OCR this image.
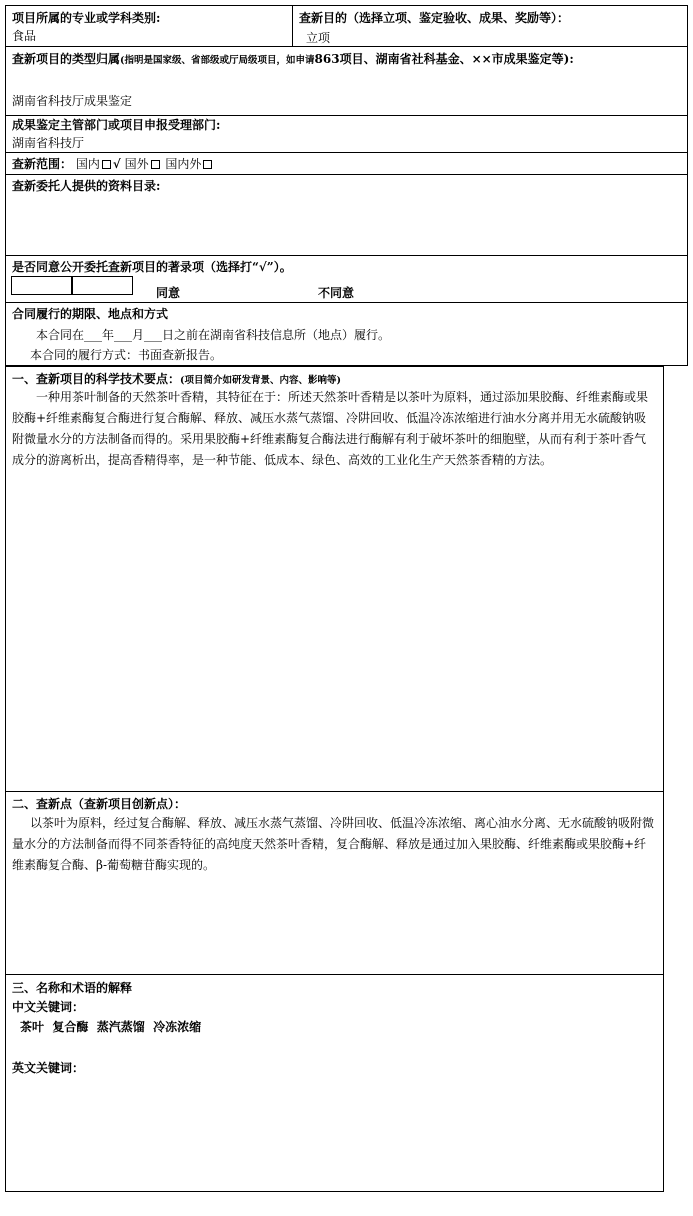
项目所属的专业或学科类别:
食品
查新目的（选择立项、鉴定验收、成果、奖励等）：
立项
查新项目的类型归属(指明是国家级、省部级或厅局级项目，如申请863项目、湖南省社科基金、××市成果鉴定等):
湖南省科技厅成果鉴定
成果鉴定主管部门或项目申报受理部门:
湖南省科技厅
查新范围： 国内 √ 国外 国内外
查新委托人提供的资料目录:
是否同意公开委托查新项目的著录项（选择打“√”）。
同意	不同意
合同履行的期限、地点和方式
本合同在___年___月___日之前在湖南省科技信息所（地点）履行。
本合同的履行方式：书面查新报告。
一、查新项目的科学技术要点：(项目简介如研发背景、内容、影响等)
一种用茶叶制备的天然茶叶香精，其特征在于：所述天然茶叶香精是以茶叶为原料，通过添加果胶酶、纤维素酶或果胶酶+纤维素酶复合酶进行复合酶解、释放、减压水蒸气蒸馏、冷阱回收、低温冷冻浓缩进行油水分离并用无水硫酸钠吸附微量水分的方法制备而得的。采用果胶酶+纤维素酶复合酶法进行酶解有利于破坏茶叶的细胞壁，从而有利于茶叶香气成分的游离析出，提高香精得率，是一种节能、低成本、绿色、高效的工业化生产天然茶香精的方法。
二、查新点（查新项目创新点）：
以茶叶为原料，经过复合酶解、释放、减压水蒸气蒸馏、冷阱回收、低温冷冻浓缩、离心油水分离、无水硫酸钠吸附微量水分的方法制备而得不同茶香特征的高纯度天然茶叶香精，复合酶解、释放是通过加入果胶酶、纤维素酶或果胶酶+纤维素酶复合酶、β-葡萄糖苷酶实现的。
三、名称和术语的解释
中文关键词：
茶叶  复合酶  蒸汽蒸馏  冷冻浓缩
英文关键词：
